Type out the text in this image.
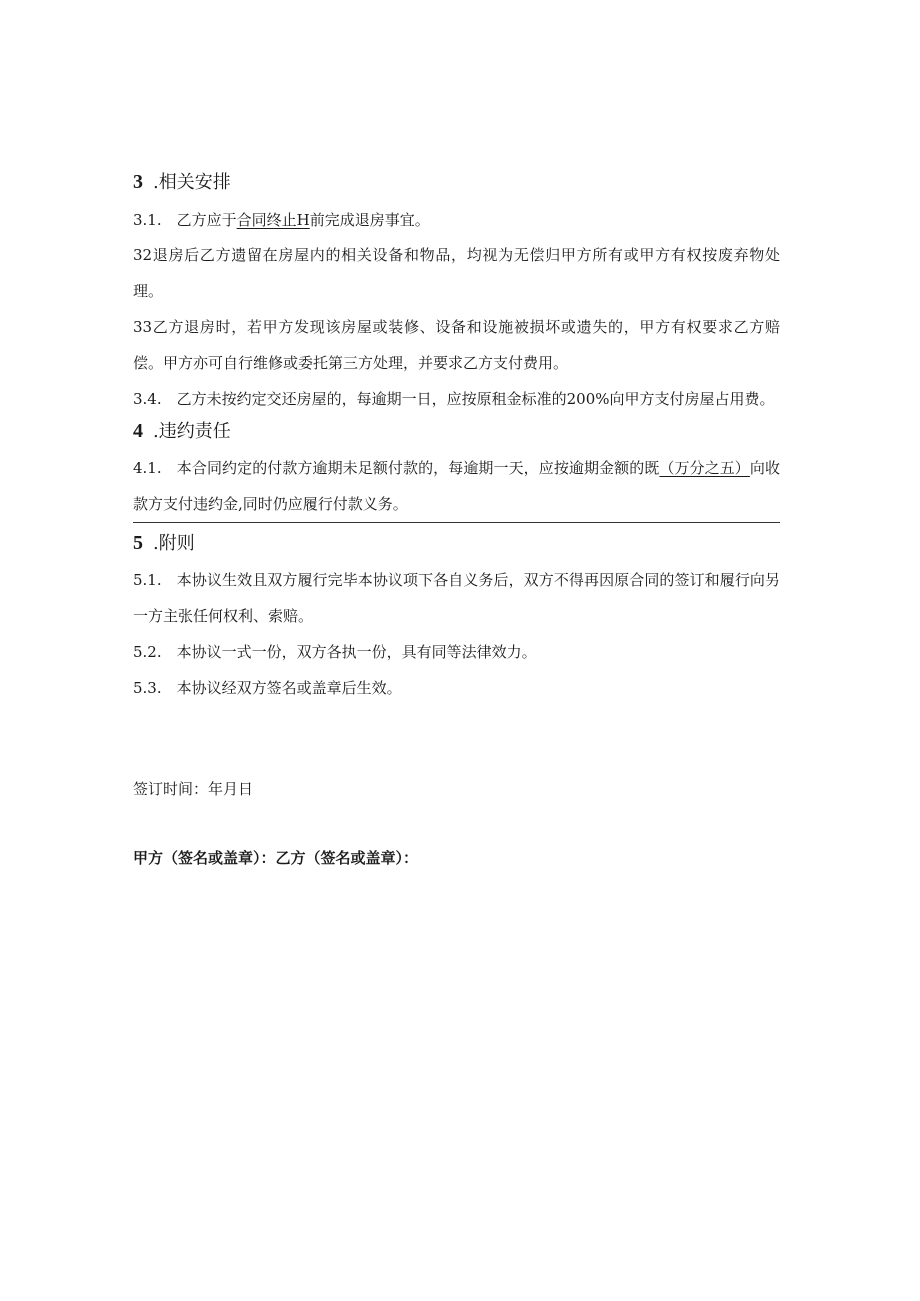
3 .相关安排

3.1.　乙方应于合同终止H前完成退房事宜。

32退房后乙方遗留在房屋内的相关设备和物品，均视为无偿归甲方所有或甲方有权按废弃物处理。

33乙方退房时，若甲方发现该房屋或装修、设备和设施被损坏或遗失的，甲方有权要求乙方赔偿。甲方亦可自行维修或委托第三方处理，并要求乙方支付费用。

3.4.　乙方未按约定交还房屋的，每逾期一日，应按原租金标准的200%向甲方支付房屋占用费。

4 .违约责任

4.1.　本合同约定的付款方逾期未足额付款的，每逾期一天，应按逾期金额的既（万分之五）向收款方支付违约金,同时仍应履行付款义务。

5 .附则

5.1.　本协议生效且双方履行完毕本协议项下各自义务后，双方不得再因原合同的签订和履行向另一方主张任何权利、索赔。

5.2.　本协议一式一份，双方各执一份，具有同等法律效力。

5.3.　本协议经双方签名或盖章后生效。

签订时间：年月日

甲方（签名或盖章）：乙方（签名或盖章）：
